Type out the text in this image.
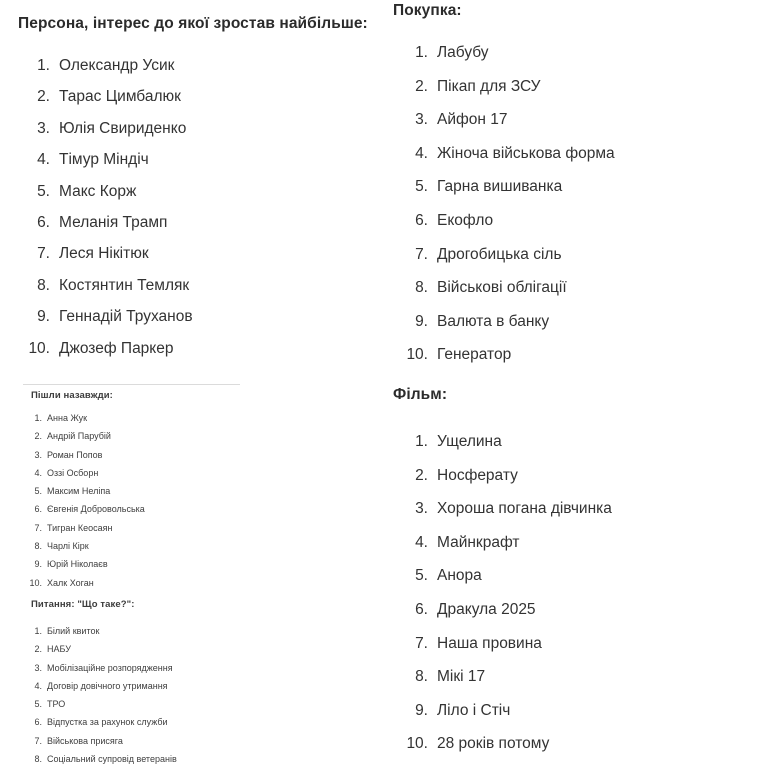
Персона, інтерес до якої зростав найбільше:
1. Олександр Усик
2. Тарас Цимбалюк
3. Юлія Свириденко
4. Тімур Міндіч
5. Макс Корж
6. Меланія Трамп
7. Леся Нікітюк
8. Костянтин Темляк
9. Геннадій Труханов
10. Джозеф Паркер
Пішли назавжди:
1. Анна Жук
2. Андрій Парубій
3. Роман Попов
4. Оззі Осборн
5. Максим Неліпа
6. Євгенія Добровольська
7. Тигран Кеосаян
8. Чарлі Кірк
9. Юрій Ніколаєв
10. Халк Хоган
Питання: "Що таке?":
1. Білий квиток
2. НАБУ
3. Мобілізаційне розпорядження
4. Договір довічного утримання
5. ТРО
6. Відпустка за рахунок служби
7. Військова присяга
8. Соціальний супровід ветеранів
Покупка:
1. Лабубу
2. Пікап для ЗСУ
3. Айфон 17
4. Жіноча військова форма
5. Гарна вишиванка
6. Екофло
7. Дрогобицька сіль
8. Військові облігації
9. Валюта в банку
10. Генератор
Фільм:
1. Ущелина
2. Носферату
3. Хороша погана дівчинка
4. Майнкрафт
5. Анора
6. Дракула 2025
7. Наша провина
8. Мікі 17
9. Ліло і Стіч
10. 28 років потому
